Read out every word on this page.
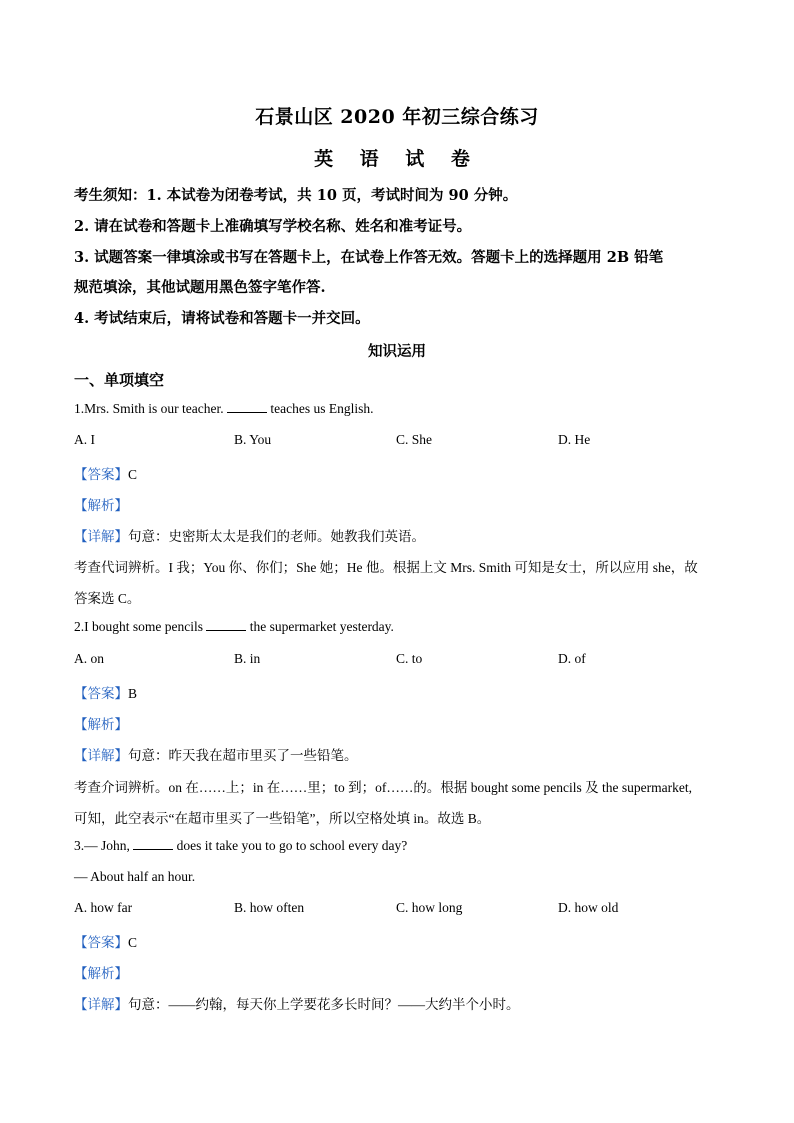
石景山区 2020 年初三综合练习
英 语 试 卷
考生须知：1. 本试卷为闭卷考试，共 10 页，考试时间为 90 分钟。
2. 请在试卷和答题卡上准确填写学校名称、姓名和准考证号。
3. 试题答案一律填涂或书写在答题卡上，在试卷上作答无效。答题卡上的选择题用 2B 铅笔
规范填涂，其他试题用黑色签字笔作答.
4. 考试结束后，请将试卷和答题卡一并交回。
知识运用
一、单项填空
1.Mrs. Smith is our teacher.	teaches us English.
A. I	B. You	C. She	D. He
【答案】C
【解析】
【详解】句意：史密斯太太是我们的老师。她教我们英语。
考查代词辨析。I 我；You 你、你们；She 她；He 他。根据上文 Mrs. Smith 可知是女士，所以应用 she，故
答案选 C。
2.I bought some pencils	the supermarket yesterday.
A. on	B. in	C. to	D. of
【答案】B
【解析】
【详解】句意：昨天我在超市里买了一些铅笔。
考查介词辨析。on 在……上；in 在……里；to 到；of……的。根据 bought some pencils 及 the supermarket,
可知，此空表示“在超市里买了一些铅笔”，所以空格处填 in。故选 B。
3.— John,	does it take you to go to school every day?
— About half an hour.
A. how far	B. how often	C. how long	D. how old
【答案】C
【解析】
【详解】句意：——约翰，每天你上学要花多长时间？——大约半个小时。
